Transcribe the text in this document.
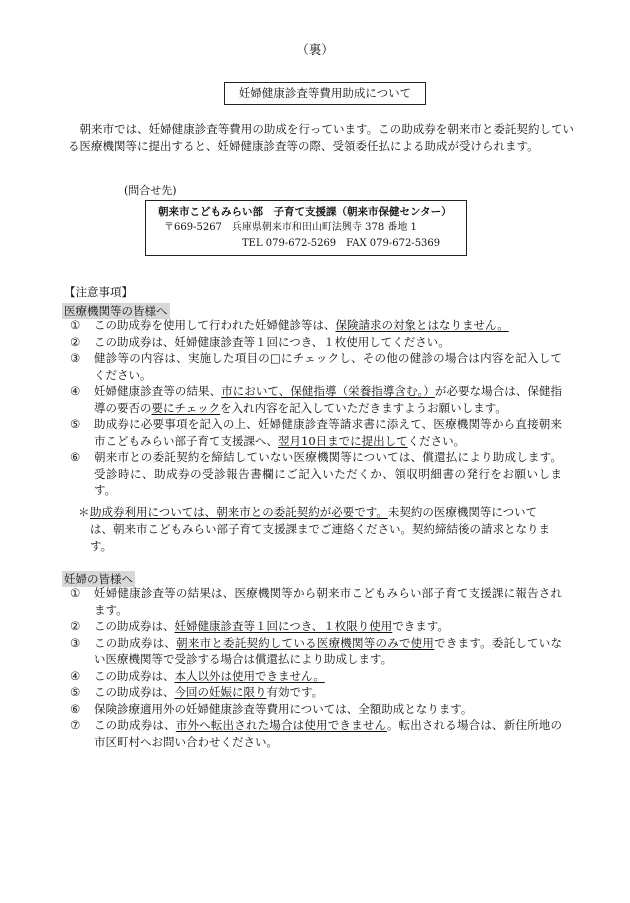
（裏）
妊婦健康診査等費用助成について

朝来市では、妊婦健康診査等費用の助成を行っています。この助成券を朝来市と委託契約している医療機関等に提出すると、妊婦健康診査等の際、受領委任払による助成が受けられます。

(問合せ先)
朝来市こどもみらい部　子育て支援課（朝来市保健センター）
〒669-5267　兵庫県朝来市和田山町法興寺 378 番地 1
TEL 079-672-5269　FAX 079-672-5369
【注意事項】
医療機関等の皆様へ
①	この助成券を使用して行われた妊婦健診等は、保険請求の対象とはなりません。
②	この助成券は、妊婦健康診査等１回につき、１枚使用してください。
③	健診等の内容は、実施した項目の□にチェックし、その他の健診の場合は内容を記入してください。
④	妊婦健康診査等の結果、市において、保健指導（栄養指導含む。）が必要な場合は、保健指導の要否の要にチェックを入れ内容を記入していただきますようお願いします。
⑤	助成券に必要事項を記入の上、妊婦健康診査等請求書に添えて、医療機関等から直接朝来市こどもみらい部子育て支援課へ、翌月10日までに提出してください。
⑥	朝来市との委託契約を締結していない医療機関等については、償還払により助成します。受診時に、助成券の受診報告書欄にご記入いただくか、領収明細書の発行をお願いします。
＊ 助成券利用については、朝来市との委託契約が必要です。未契約の医療機関等については、朝来市こどもみらい部子育て支援課までご連絡ください。契約締結後の請求となります。
妊婦の皆様へ
①	妊婦健康診査等の結果は、医療機関等から朝来市こどもみらい部子育て支援課に報告されます。
②	この助成券は、妊婦健康診査等１回につき、１枚限り使用できます。
③	この助成券は、朝来市と委託契約している医療機関等のみで使用できます。委託していない医療機関等で受診する場合は償還払により助成します。
④	この助成券は、本人以外は使用できません。
⑤	この助成券は、今回の妊娠に限り有効です。
⑥	保険診療適用外の妊婦健康診査等費用については、全額助成となります。
⑦	この助成券は、市外へ転出された場合は使用できません。転出される場合は、新住所地の市区町村へお問い合わせください。
